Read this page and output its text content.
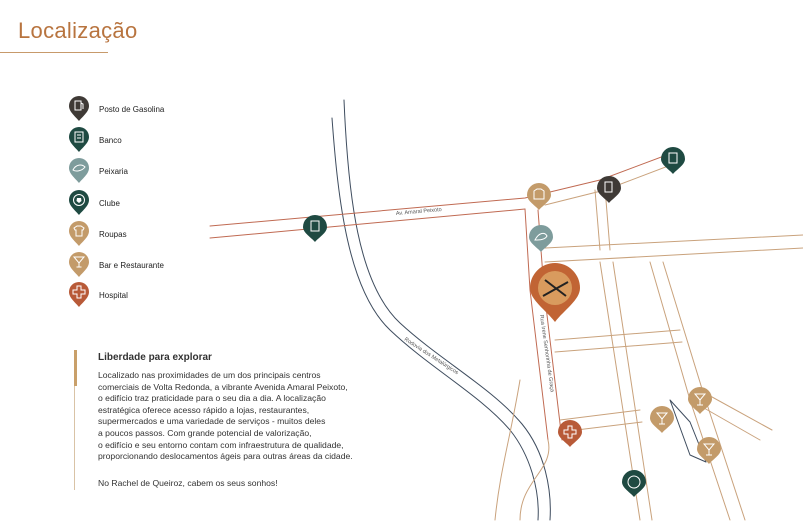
Localização
Av. Amaral Peixoto
Rodovia dos Metalúrgicos	Rua Irene Senhorinha de Graça
Posto de Gasolina
Banco
Peixaria
Clube
Roupas
Bar e Restaurante
Hospital
Liberdade para explorar

Localizado nas proximidades de um dos principais centros
comerciais de Volta Redonda, a vibrante Avenida Amaral Peixoto,
o edifício traz praticidade para o seu dia a dia. A localização
estratégica oferece acesso rápido a lojas, restaurantes,
supermercados e uma variedade de serviços - muitos deles
a poucos passos. Com grande potencial de valorização,
o edifício e seu entorno contam com infraestrutura de qualidade,
proporcionando deslocamentos ágeis para outras áreas da cidade.

No Rachel de Queiroz, cabem os seus sonhos!
